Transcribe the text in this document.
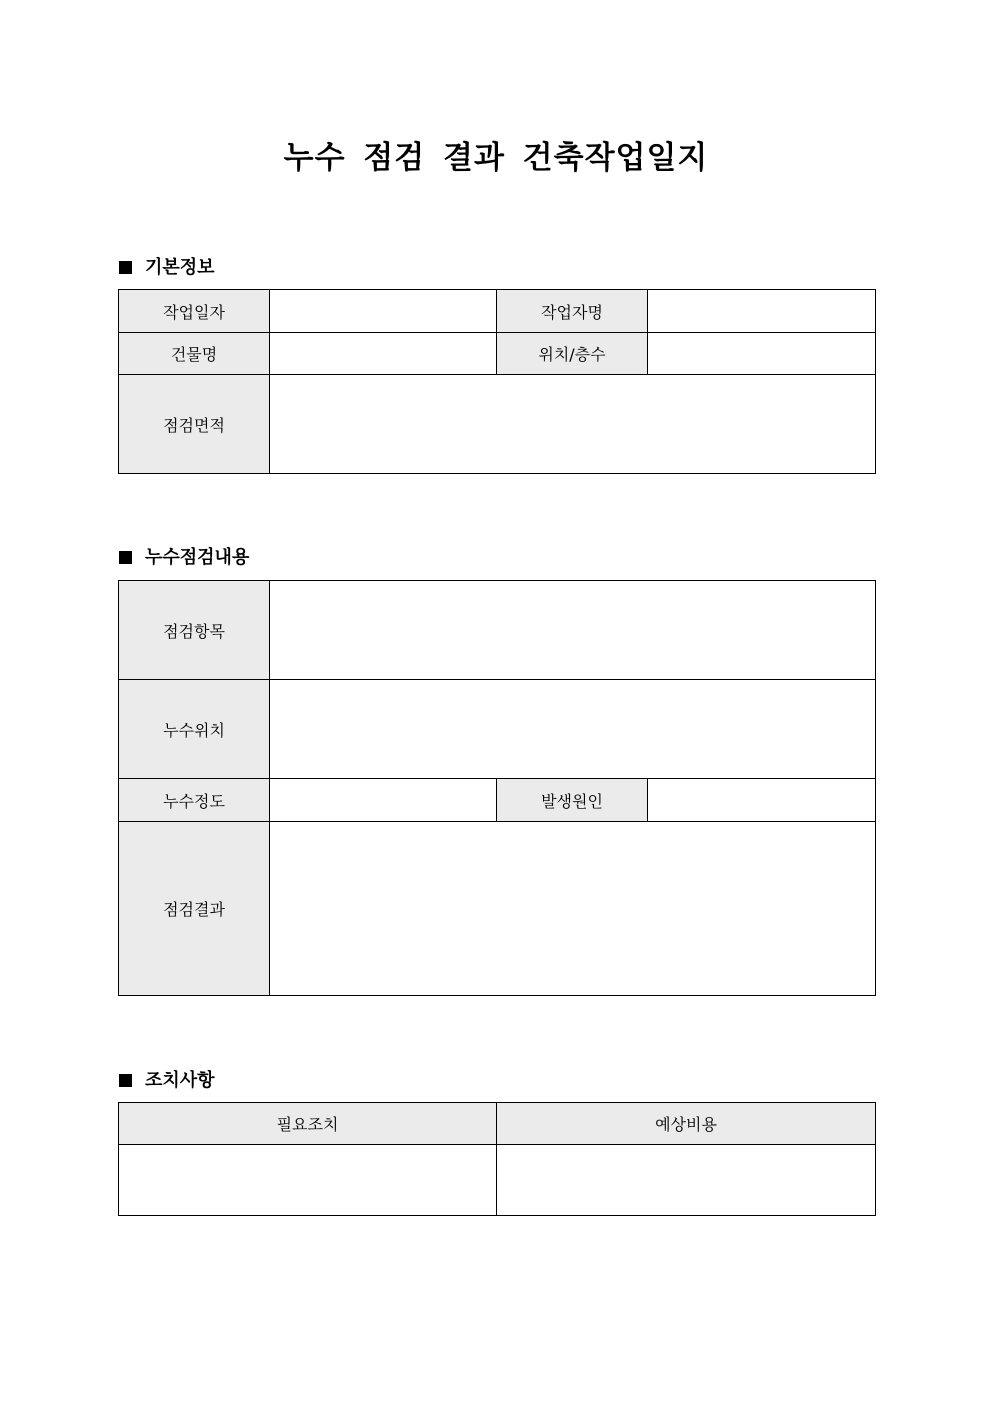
누수 점검 결과 건축작업일지
기본정보
작업일자		작업자명	
건물명		위치/층수	
점검면적			
누수점검내용
점검항목			
누수위치			
누수정도		발생원인	
점검결과			
조치사항
필요조치	예상비용
